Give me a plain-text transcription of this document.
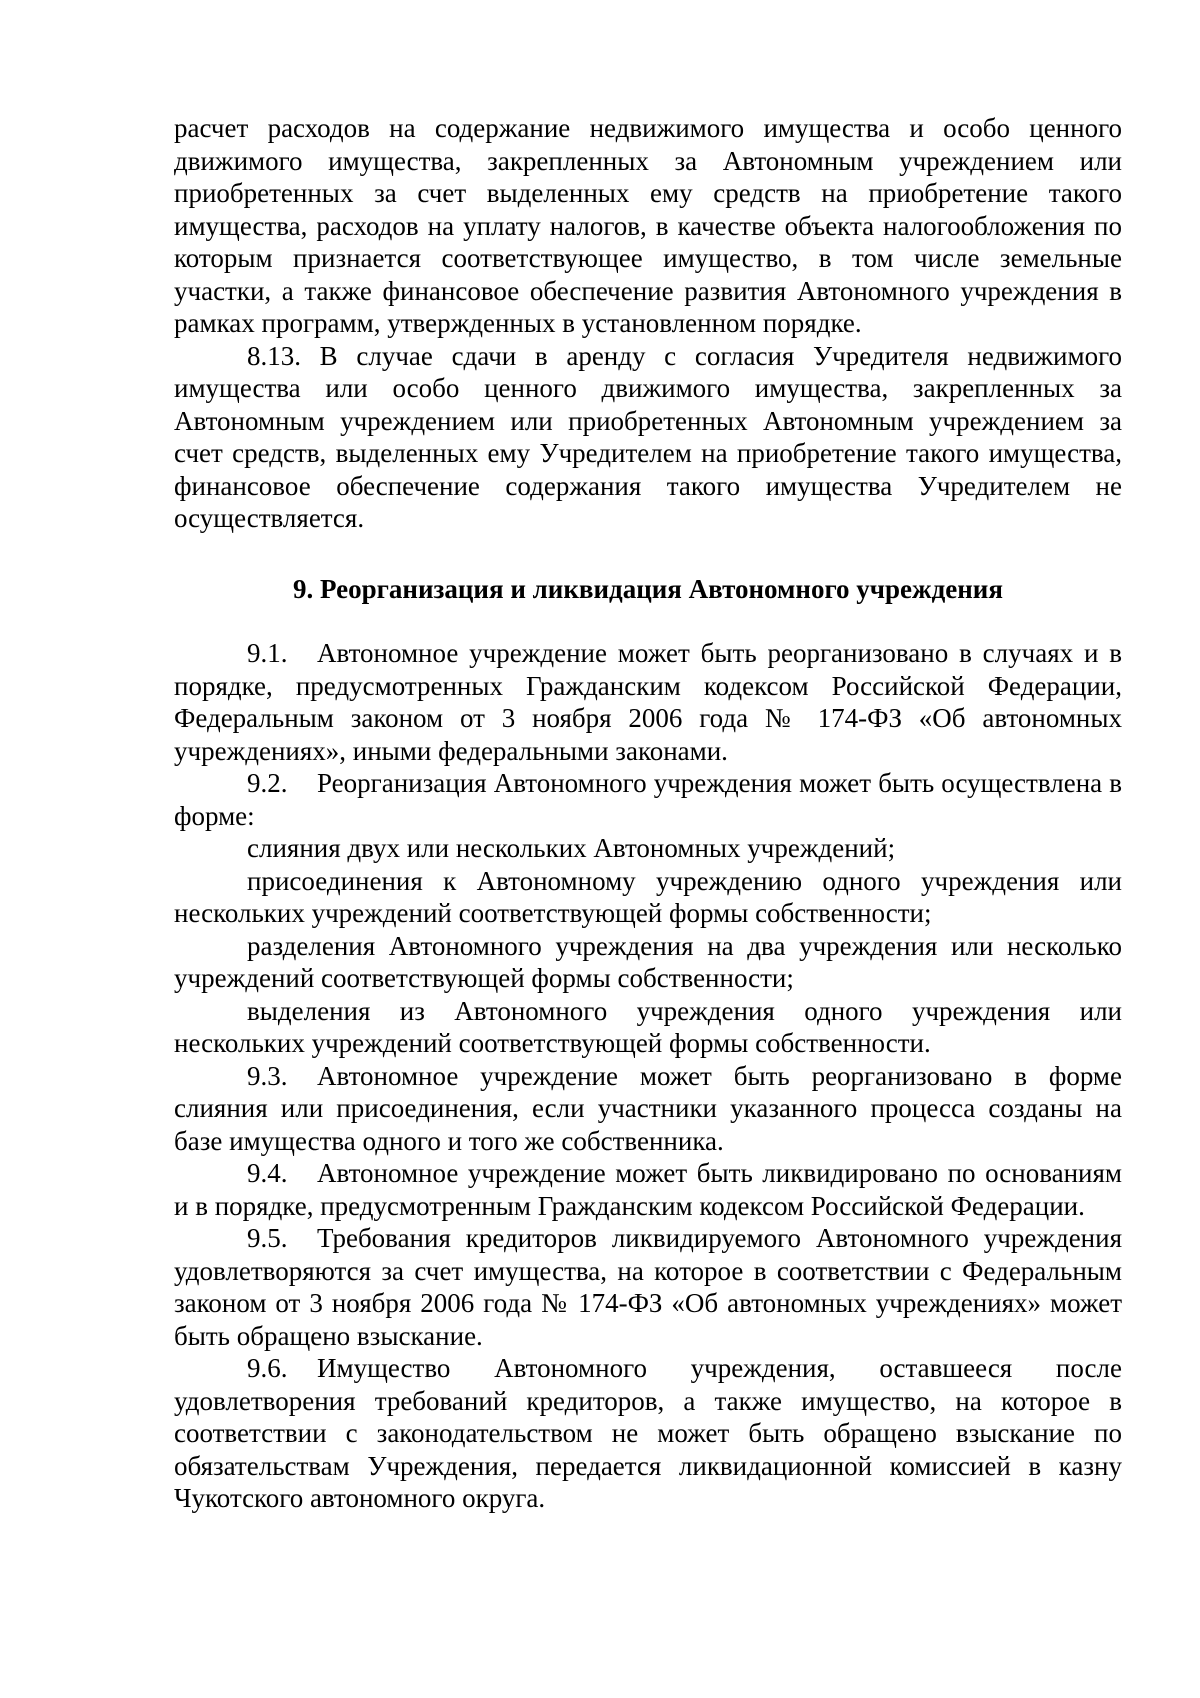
расчет расходов на содержание недвижимого имущества и особо ценного движимого имущества, закрепленных за Автономным учреждением или приобретенных за счет выделенных ему средств на приобретение такого имущества, расходов на уплату налогов, в качестве объекта налогообложения по которым признается соответствующее имущество, в том числе земельные участки, а также финансовое обеспечение развития Автономного учреждения в рамках программ, утвержденных в установленном порядке.

8.13. В случае сдачи в аренду с согласия Учредителя недвижимого имущества или особо ценного движимого имущества, закрепленных за Автономным учреждением или приобретенных Автономным учреждением за счет средств, выделенных ему Учредителем на приобретение такого имущества, финансовое обеспечение содержания такого имущества Учредителем не осуществляется.

9. Реорганизация и ликвидация Автономного учреждения

9.1. Автономное учреждение может быть реорганизовано в случаях и в порядке, предусмотренных Гражданским кодексом Российской Федерации, Федеральным законом от 3 ноября 2006 года № 174-ФЗ «Об автономных учреждениях», иными федеральными законами.

9.2. Реорганизация Автономного учреждения может быть осуществлена в форме:

слияния двух или нескольких Автономных учреждений;

присоединения к Автономному учреждению одного учреждения или нескольких учреждений соответствующей формы собственности;

разделения Автономного учреждения на два учреждения или несколько учреждений соответствующей формы собственности;

выделения из Автономного учреждения одного учреждения или нескольких учреждений соответствующей формы собственности.

9.3. Автономное учреждение может быть реорганизовано в форме слияния или присоединения, если участники указанного процесса созданы на базе имущества одного и того же собственника.

9.4. Автономное учреждение может быть ликвидировано по основаниям и в порядке, предусмотренным Гражданским кодексом Российской Федерации.

9.5. Требования кредиторов ликвидируемого Автономного учреждения удовлетворяются за счет имущества, на которое в соответствии с Федеральным законом от 3 ноября 2006 года № 174-ФЗ «Об автономных учреждениях» может быть обращено взыскание.

9.6. Имущество Автономного учреждения, оставшееся после удовлетворения требований кредиторов, а также имущество, на которое в соответствии с законодательством не может быть обращено взыскание по обязательствам Учреждения, передается ликвидационной комиссией в казну Чукотского автономного округа.
